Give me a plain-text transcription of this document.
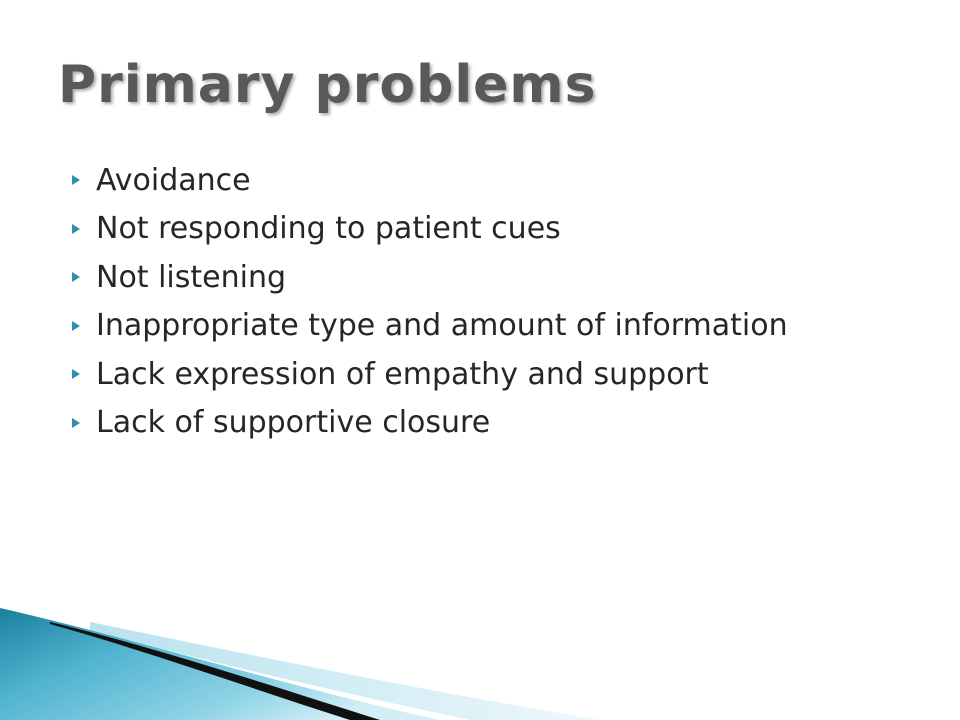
Primary problems
Avoidance
Not responding to patient cues
Not listening
Inappropriate type and amount of information
Lack expression of empathy and support
Lack of supportive closure
